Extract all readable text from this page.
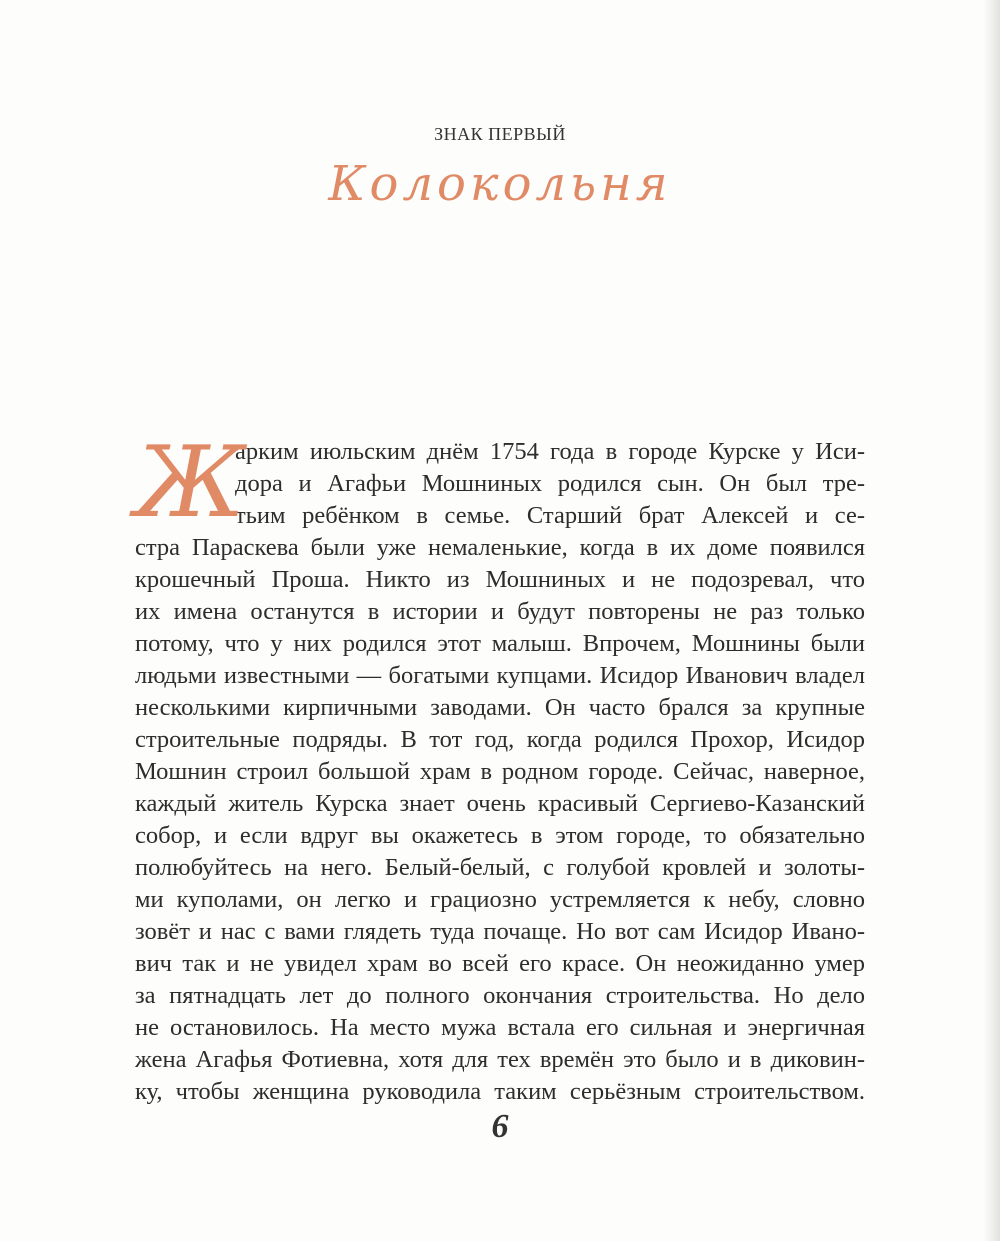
ЗНАК ПЕРВЫЙ
Колокольня
Ж
арким июльским днём 1754 года в городе Курске у Иси-
дора и Агафьи Мошниных родился сын. Он был тре-
тьим ребёнком в семье. Старший брат Алексей и се-
стра Параскева были уже немаленькие, когда в их доме появился
крошечный Проша. Никто из Мошниных и не подозревал, что
их имена останутся в истории и будут повторены не раз только
потому, что у них родился этот малыш. Впрочем, Мошнины были
людьми известными — богатыми купцами. Исидор Иванович владел
несколькими кирпичными заводами. Он часто брался за крупные
строительные подряды. В тот год, когда родился Прохор, Исидор
Мошнин строил большой храм в родном городе. Сейчас, наверное,
каждый житель Курска знает очень красивый Сергиево-Казанский
собор, и если вдруг вы окажетесь в этом городе, то обязательно
полюбуйтесь на него. Белый-белый, с голубой кровлей и золоты-
ми куполами, он легко и грациозно устремляется к небу, словно
зовёт и нас с вами глядеть туда почаще. Но вот сам Исидор Ивано-
вич так и не увидел храм во всей его красе. Он неожиданно умер
за пятнадцать лет до полного окончания строительства. Но дело
не остановилось. На место мужа встала его сильная и энергичная
жена Агафья Фотиевна, хотя для тех времён это было и в диковин-
ку, чтобы женщина руководила таким серьёзным строительством.
6
